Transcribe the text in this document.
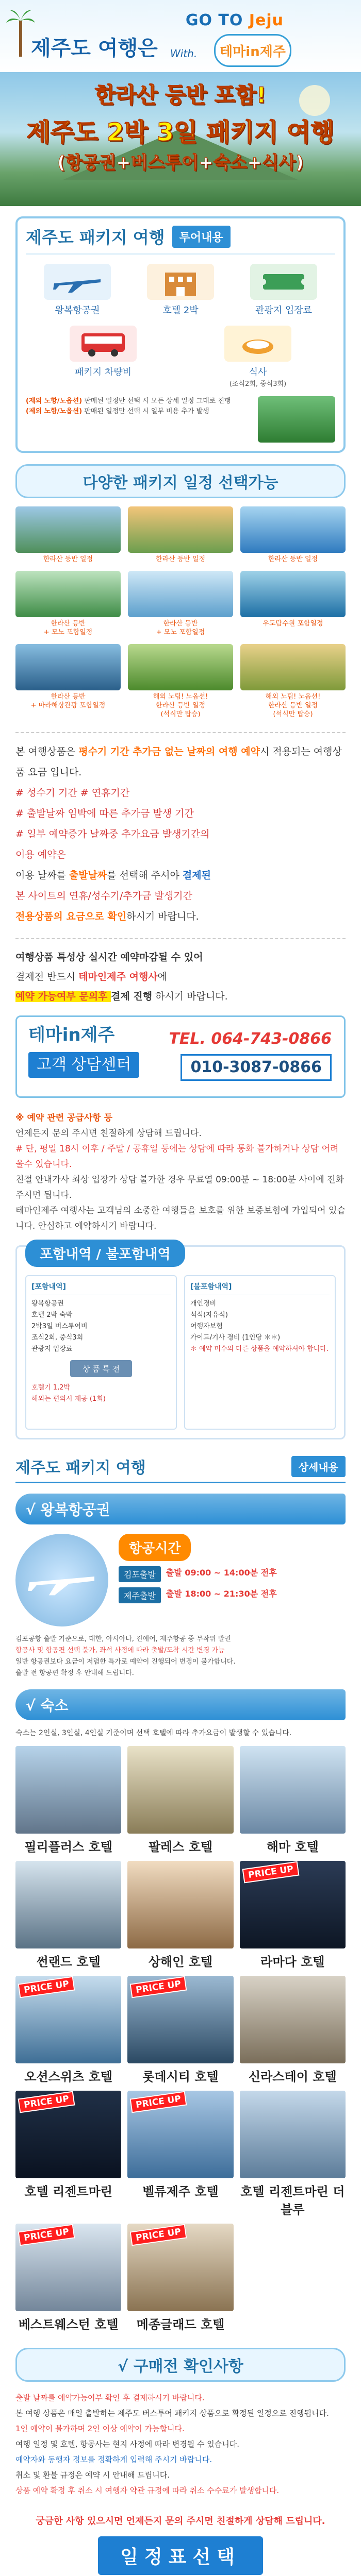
GO TO Jeju
제주도 여행은 With.	테마in제주
한라산 등반 포함!
제주도 2박 3일 패키지 여행
(항공권+버스투어+숙소+식사)
제주도 패키지 여행	투어내용
왕복항공권	호텔 2박	관광지 입장료
패키지 차량비	식사
(조식2회, 중식3회)
(제외 노항/노옵션) 판매된 일정만 선택 시 모든 상세 일정 그대로 진행
(제외 노항/노옵션) 판매된 일정만 선택 시 일부 비용 추가 발생
다양한 패키지 일정 선택가능
한라산 등반 일정	한라산 등반 일정	한라산 등반 일정
한라산 등반
+ 모노 포함일정
한라산 등반
+ 모노 포함일정
우도탐수원 포함일정
한라산 등반
+ 마라해상관광 포함일정
해외 노팁! 노옵션!
한라산 등반 일정
(석식만 탑승)
해외 노팁! 노옵션!
한라산 등반 일정
(석식만 탑승)
본 여행상품은 평수기 기간 추가금 없는 날짜의 여행 예약시 적용되는 여행상품 요금 입니다.
# 성수기 기간 # 연휴기간
# 출발날짜 임박에 따른 추가금 발생 기간
# 일부 예약증가 날짜중 추가요금 발생기간의
이용 예약은
이용 날짜를 출발날짜를 선택해 주셔야 결제된
본 사이트의 연휴/성수기/추가금 발생기간
전용상품의 요금으로 확인하시기 바랍니다.
여행상품 특성상 실시간 예약마감될 수 있어
결제전 반드시 테마인제주 여행사에
예약 가능여부 문의후 결제 진행 하시기 바랍니다.
테마in제주	TEL. 064-743-0866
고객 상담센터	010-3087-0866
※ 예약 관련 공급사항 등
언제든지 문의 주시면 친절하게 상담해 드립니다.
# 단, 평일 18시 이후 / 주말 / 공휴일 등에는 상담에 따라 통화 불가하거나 상담 어려울수 있습니다.
친절 안내가사 최상 입장가 상담 불가한 경우 무료열 09:00분 ~ 18:00분 사이에 전화주시면 됩니다.
테마인제주 여행사는 고객님의 소중한 여행들을 보호를 위한 보증보험에 가입되어 있습니다. 안심하고 예약하시기 바랍니다.
포함내역 / 불포함내역
[포함내역]
왕복항공권
호텔 2박 숙박
2박3일 버스투어비
조식2회, 중식3회
관광지 입장료
상 품 특 전
호텔기 1,2박
해외는 편의시 제공 (1회)
[불포함내역]
개인경비
석식(자유식)
여행자보험
가이드/기사 경비 (1인당 ＊＊)
＊ 예약 미수의 다른 상품을 예약하셔야 합니다.
제주도 패키지 여행	상세내용
√ 왕복항공권
항공시간
김포출발	출발 09:00 ~ 14:00분 전후
제주출발	출발 18:00 ~ 21:30분 전후
김포공항 출발 기준으로, 대한, 아시아나, 진에어, 제주항공 중 무작위 발권
항공사 및 항공편 선택 불가, 좌석 사정에 따라 출발/도착 시간 변경 가능
일반 항공권보다 요금이 저렴한 특가로 예약이 진행되어 변경이 불가합니다.
출발 전 항공편 확정 후 안내해 드립니다.
√ 숙소
숙소는 2인실, 3인실, 4인실 기준이며 선택 호텔에 따라 추가요금이 발생할 수 있습니다.
필리플러스 호텔	팔레스 호텔	해마 호텔
썬랜드 호텔	상해인 호텔
PRICE UP
라마다 호텔
PRICE UP
오션스위츠 호텔
PRICE UP
롯데시티 호텔	신라스테이 호텔
PRICE UP
호텔 리젠트마린
PRICE UP
벨류제주 호텔	호텔 리젠트마린 더블루
PRICE UP
베스트웨스턴 호텔
PRICE UP
메종글래드 호텔
√ 구매전 확인사항
출발 날짜를 예약가능여부 확인 후 결제하시기 바랍니다.
본 여행 상품은 매일 출발하는 제주도 버스투어 패키지 상품으로 확정된 일정으로 진행됩니다.
1인 예약이 불가하며 2인 이상 예약이 가능합니다.
여행 일정 및 호텔, 항공사는 현지 사정에 따라 변경될 수 있습니다.
예약자와 동행자 정보를 정확하게 입력해 주시기 바랍니다.
취소 및 환불 규정은 예약 시 안내해 드립니다.
상품 예약 확정 후 취소 시 여행자 약관 규정에 따라 취소 수수료가 발생합니다.
궁금한 사항 있으시면 언제든지 문의 주시면 친절하게 상담해 드립니다.
일정표선택
